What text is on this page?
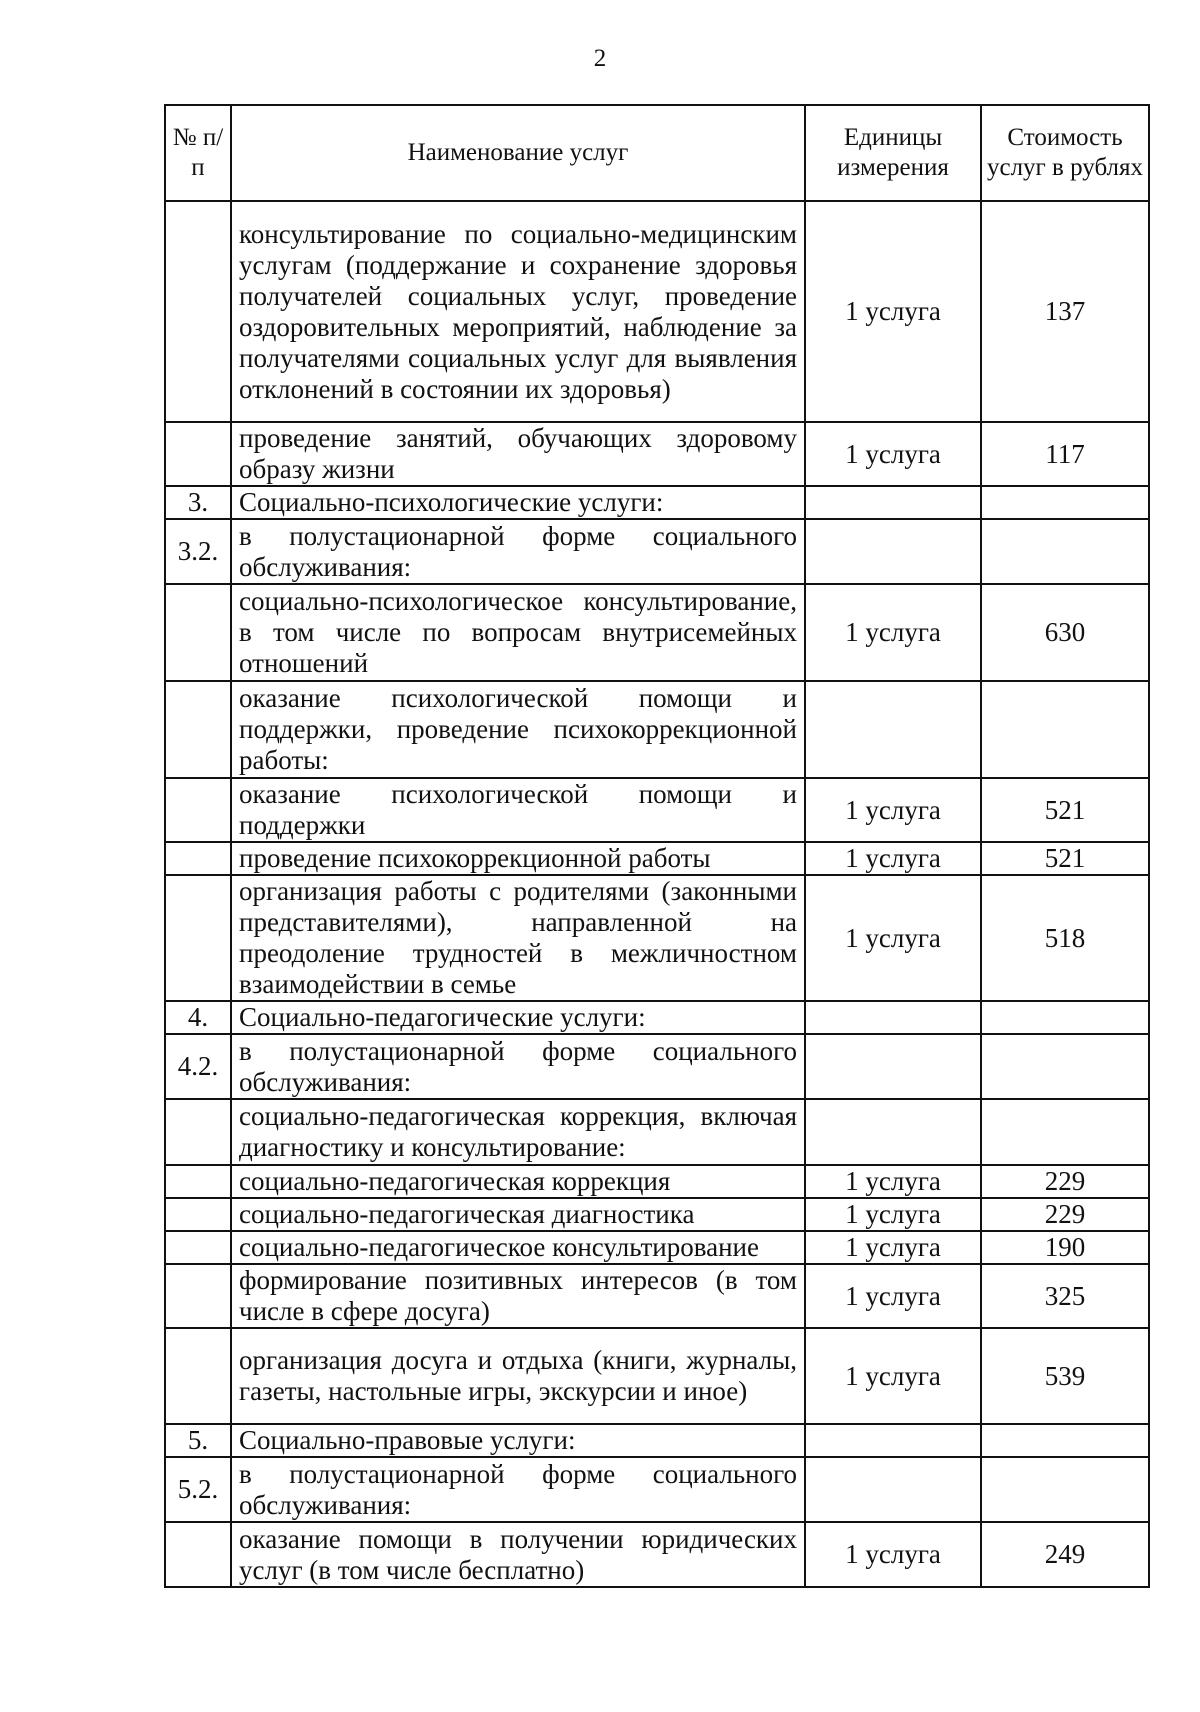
2
№ п/п	Наименование услуг	Единицы измерения	Стоимость услуг в рублях
	консультирование по социально-медицинским услугам (поддержание и сохранение здоровья получателей социальных услуг, проведение оздоровительных мероприятий, наблюдение за получателями социальных услуг для выявления отклонений в состоянии их здоровья)	1 услуга	137
	проведение занятий, обучающих здоровому образу жизни	1 услуга	117
3.	Социально-психологические услуги:		
3.2.	в полустационарной форме социального обслуживания:		
	социально-психологическое консультирование, в том числе по вопросам внутрисемейных отношений	1 услуга	630
	оказание психологической помощи и поддержки, проведение психокоррекционной работы:		
	оказание психологической помощи и поддержки	1 услуга	521
	проведение психокоррекционной работы	1 услуга	521
	организация работы с родителями (законными представителями), направленной на преодоление трудностей в межличностном взаимодействии в семье	1 услуга	518
4.	Социально-педагогические услуги:		
4.2.	в полустационарной форме социального обслуживания:		
	социально-педагогическая коррекция, включая диагностику и консультирование:		
	социально-педагогическая коррекция	1 услуга	229
	социально-педагогическая диагностика	1 услуга	229
	социально-педагогическое консультирование	1 услуга	190
	формирование позитивных интересов (в том числе в сфере досуга)	1 услуга	325
	организация досуга и отдыха (книги, журналы, газеты, настольные игры, экскурсии и иное)	1 услуга	539
5.	Социально-правовые услуги:		
5.2.	в полустационарной форме социального обслуживания:		
	оказание помощи в получении юридических услуг (в том числе бесплатно)	1 услуга	249
